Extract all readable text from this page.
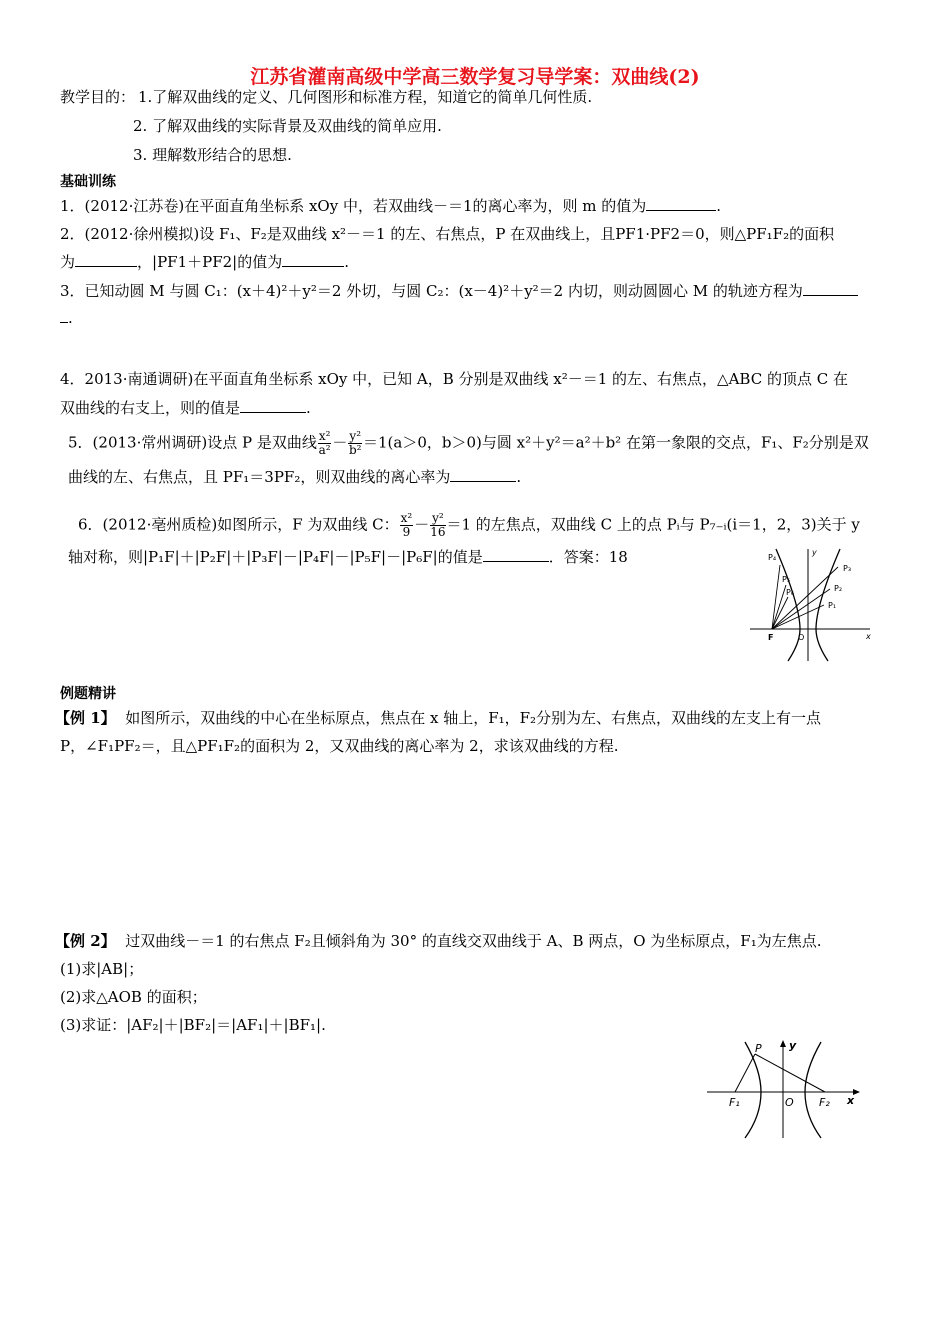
江苏省灌南高级中学高三数学复习导学案：双曲线(2)
教学目的： 1.了解双曲线的定义、几何图形和标准方程，知道它的简单几何性质.
2. 了解双曲线的实际背景及双曲线的简单应用.
3. 理解数形结合的思想.
基础训练
1．(2012·江苏卷)在平面直角坐标系 xOy 中，若双曲线－＝1的离心率为，则 m 的值为	.
2．(2012·徐州模拟)设 F₁、F₂是双曲线 x²－＝1 的左、右焦点，P 在双曲线上，且PF1·PF2＝0，则△PF₁F₂的面积
为	，|PF1＋PF2|的值为	.
3．已知动圆 M 与圆 C₁：(x＋4)²＋y²＝2 外切，与圆 C₂：(x－4)²＋y²＝2 内切，则动圆圆心 M 的轨迹方程为
.
4．2013·南通调研)在平面直角坐标系 xOy 中，已知 A，B 分别是双曲线 x²－＝1 的左、右焦点，△ABC 的顶点 C 在
双曲线的右支上，则的值是	.
5．(2013·常州调研)设点 P 是双曲线 $\frac{\text{x²}}{\text{a²}} - \frac{\text{y²}}{\text{b²}} =1(a>0$，b＞0)与圆 x²＋y²＝a²＋b² 在第一象限的交点，F₁、F₂分别是双
曲线的左、右焦点，且 PF₁＝3PF₂，则双曲线的离心率为	.
6．(2012·亳州质检)如图所示，F 为双曲线 C： $\frac{\text{x²}}{9} - \frac{\text{y²}}{16} =1$ 的左焦点，双曲线 C 上的点 Pᵢ与 P₇₋ᵢ(i＝1，2，3)关于 y
轴对称，则|P₁F|＋|P₂F|＋|P₃F|－|P₄F|－|P₅F|－|P₆F|的值是	．答案：18	P₄
P₅
P₆
P₃
P₂
P₁
F	O	x
y
例题精讲
【例 1】 如图所示，双曲线的中心在坐标原点，焦点在 x 轴上，F₁，F₂分别为左、右焦点，双曲线的左支上有一点
P，∠F₁PF₂＝，且△PF₁F₂的面积为 2，又双曲线的离心率为 2，求该双曲线的方程.
【例 2】 过双曲线－＝1 的右焦点 F₂且倾斜角为 30° 的直线交双曲线于 A、B 两点，O 为坐标原点，F₁为左焦点.
(1)求|AB|；
(2)求△AOB 的面积；
(3)求证：|AF₂|＋|BF₂|＝|AF₁|＋|BF₁|.
y
P
F₁	O F₂ x
